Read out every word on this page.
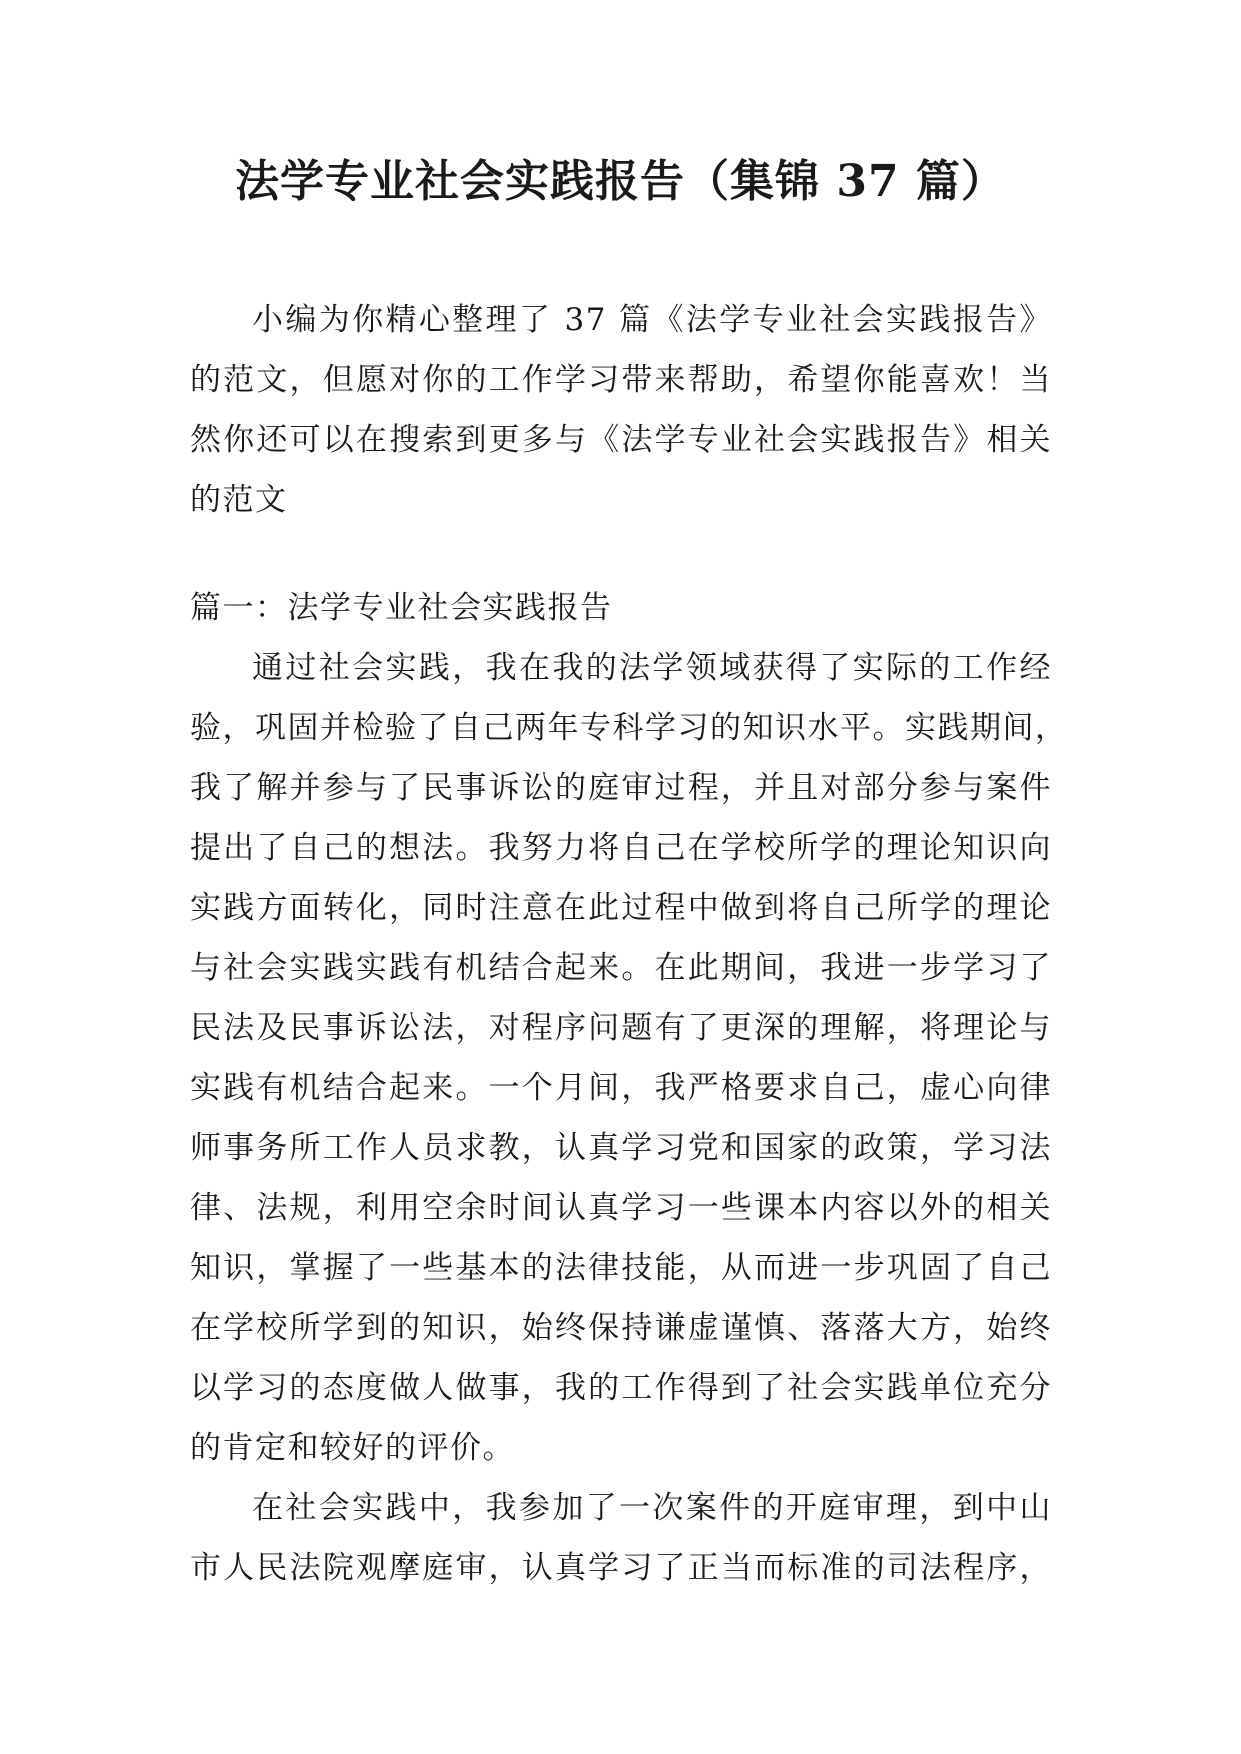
法学专业社会实践报告（集锦 37 篇）

小编为你精心整理了 37 篇《法学专业社会实践报告》
的范文，但愿对你的工作学习带来帮助，希望你能喜欢！当
然你还可以在搜索到更多与《法学专业社会实践报告》相关
的范文

篇一：法学专业社会实践报告

通过社会实践，我在我的法学领域获得了实际的工作经
验，巩固并检验了自己两年专科学习的知识水平。实践期间，
我了解并参与了民事诉讼的庭审过程，并且对部分参与案件
提出了自己的想法。我努力将自己在学校所学的理论知识向
实践方面转化，同时注意在此过程中做到将自己所学的理论
与社会实践实践有机结合起来。在此期间，我进一步学习了
民法及民事诉讼法，对程序问题有了更深的理解，将理论与
实践有机结合起来。一个月间，我严格要求自己，虚心向律
师事务所工作人员求教，认真学习党和国家的政策，学习法
律、法规，利用空余时间认真学习一些课本内容以外的相关
知识，掌握了一些基本的法律技能，从而进一步巩固了自己
在学校所学到的知识，始终保持谦虚谨慎、落落大方，始终
以学习的态度做人做事，我的工作得到了社会实践单位充分
的肯定和较好的评价。

在社会实践中，我参加了一次案件的开庭审理，到中山
市人民法院观摩庭审，认真学习了正当而标准的司法程序，
